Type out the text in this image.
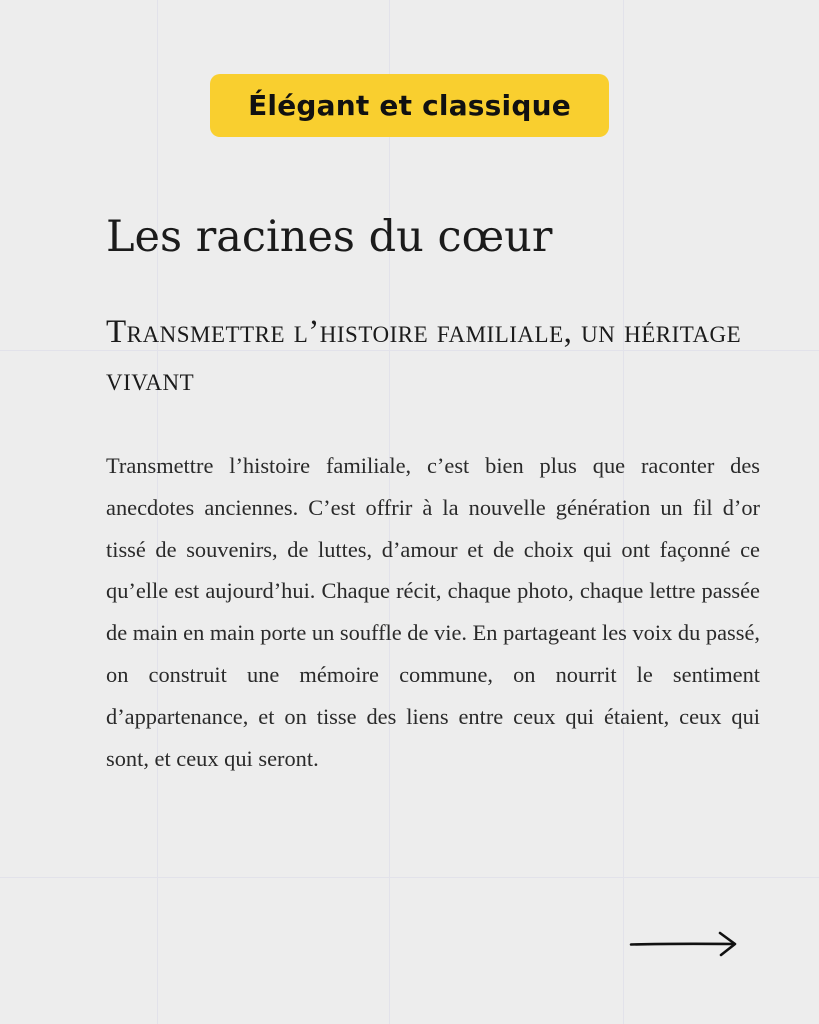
Élégant et classique
Les racines du cœur
Transmettre l’histoire familiale, un héritage vivant

Transmettre l’histoire familiale, c’est bien plus que raconter des anecdotes anciennes. C’est offrir à la nouvelle génération un fil d’or tissé de souvenirs, de luttes, d’amour et de choix qui ont façonné ce qu’elle est aujourd’hui. Chaque récit, chaque photo, chaque lettre passée de main en main porte un souffle de vie. En partageant les voix du passé, on construit une mémoire commune, on nourrit le sentiment d’appartenance, et on tisse des liens entre ceux qui étaient, ceux qui sont, et ceux qui seront.
